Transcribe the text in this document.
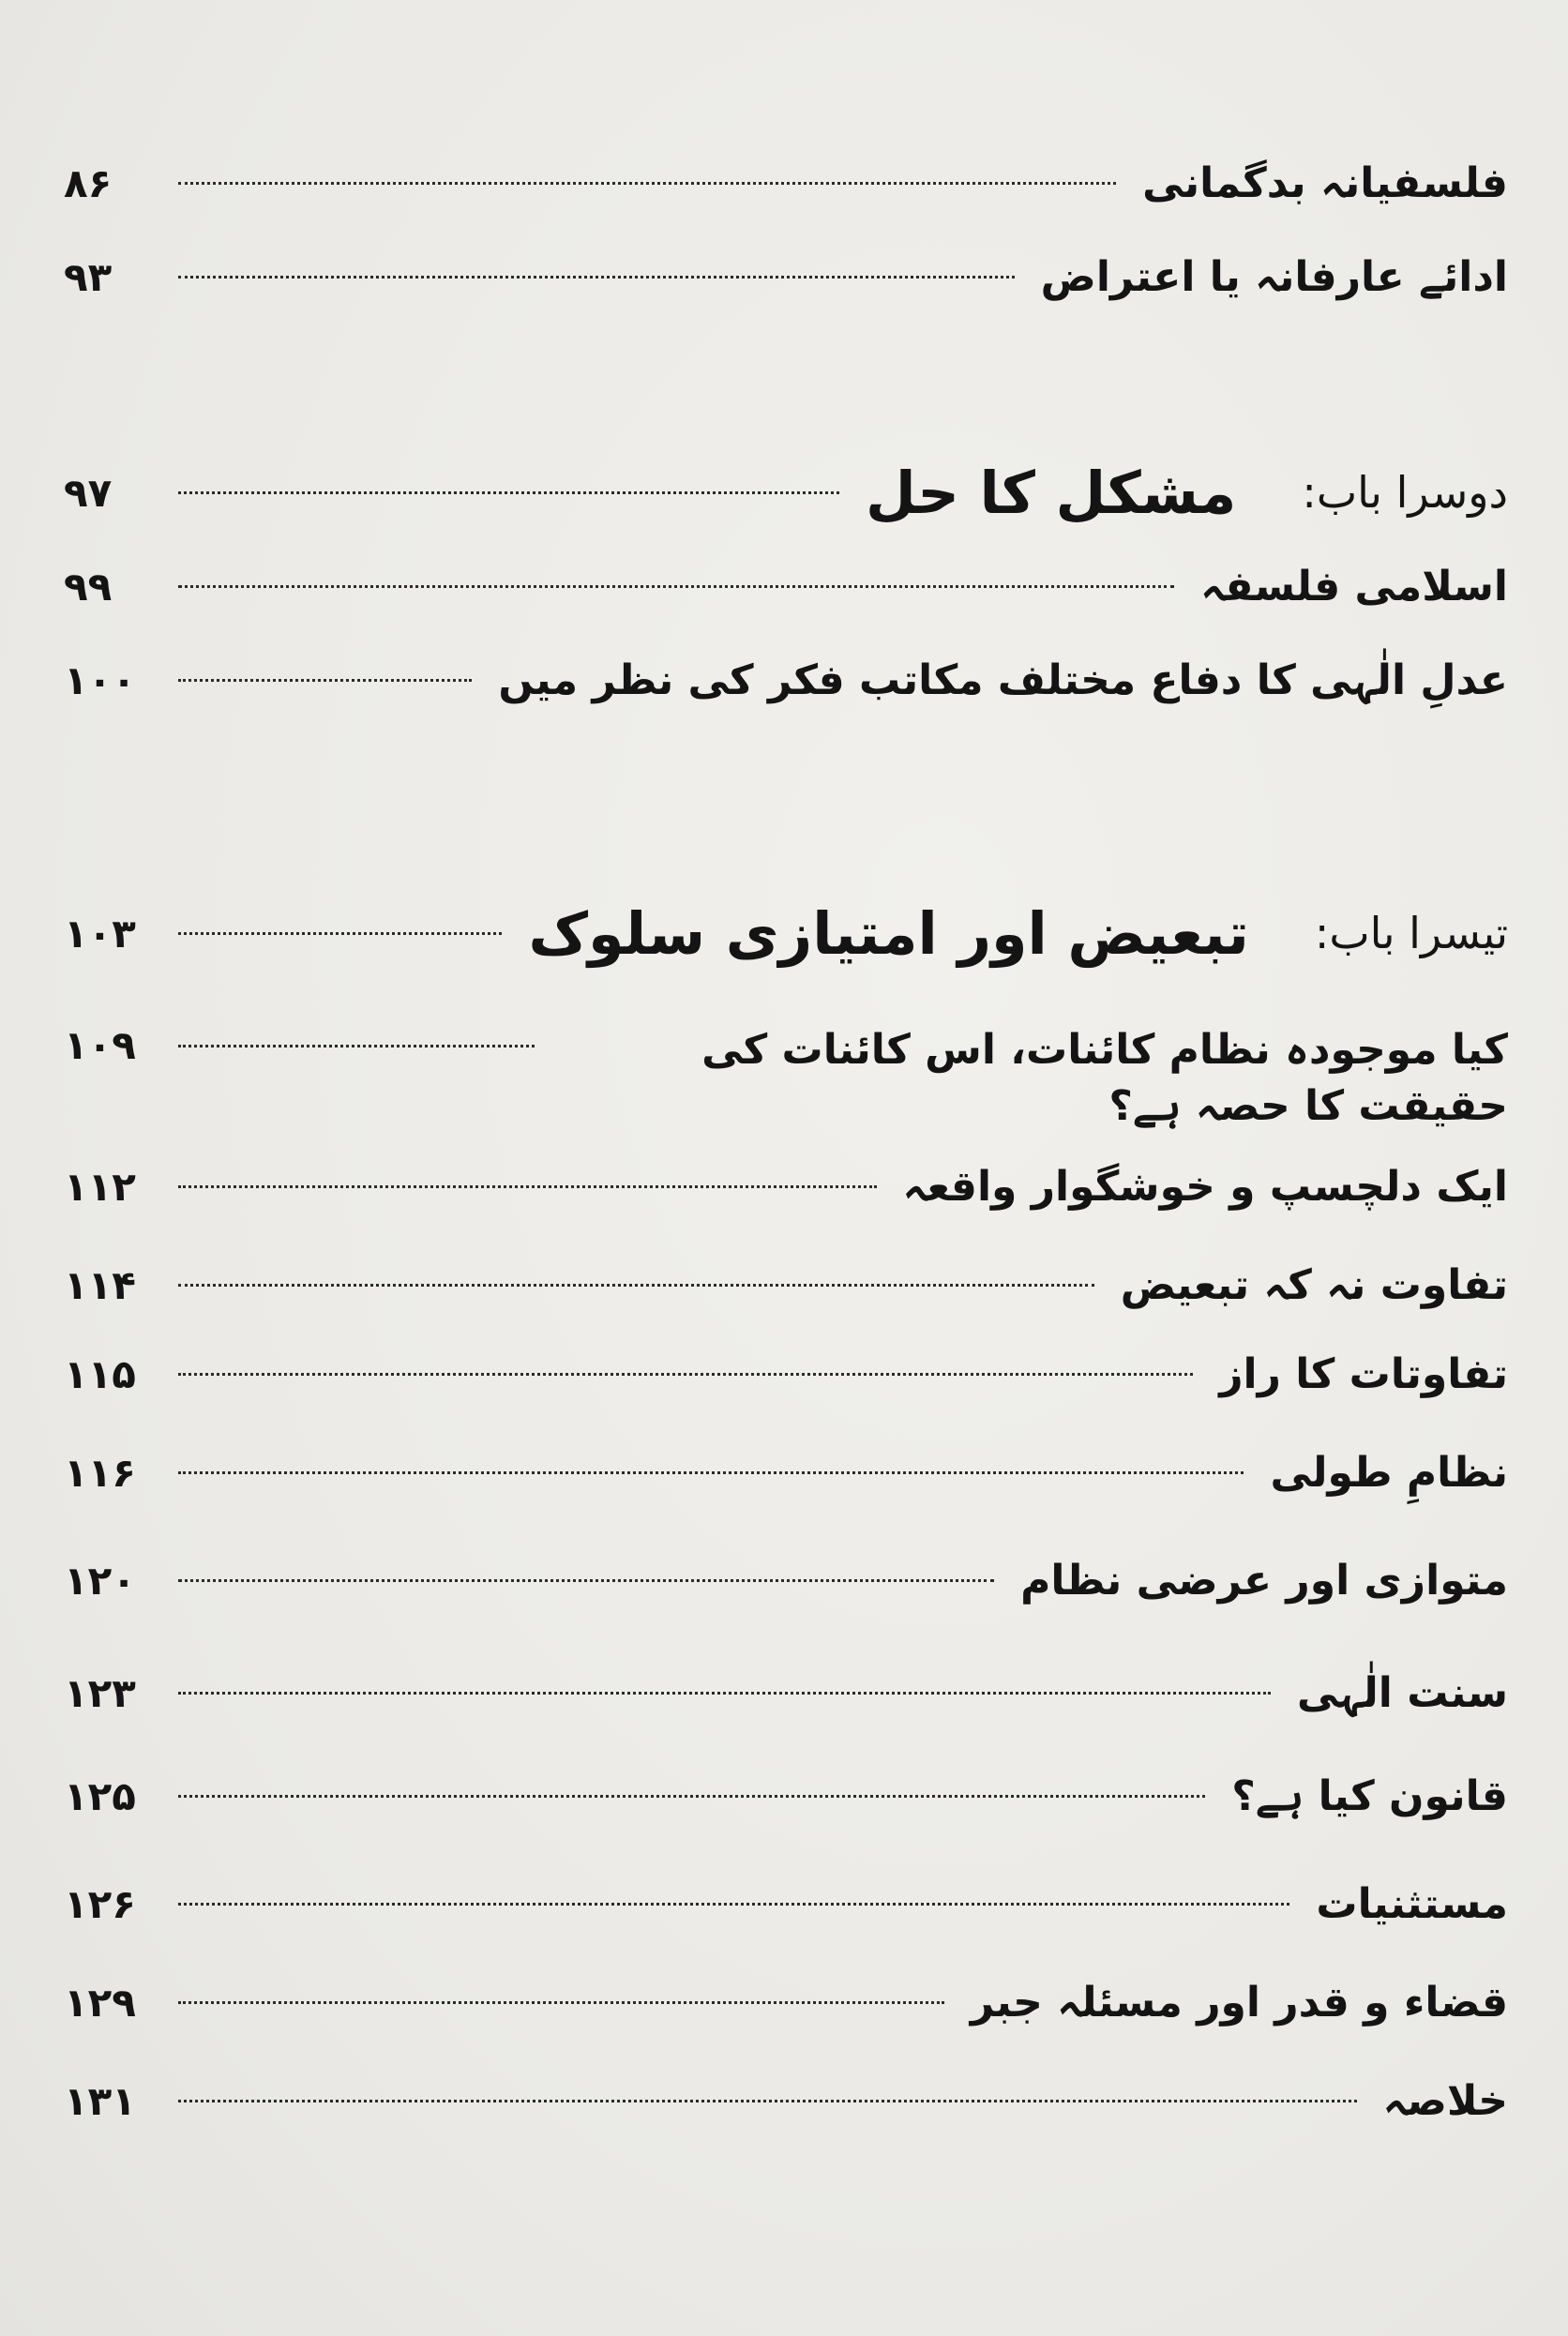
فلسفیانہ بدگمانی
۸۶
ادائے عارفانہ یا اعتراض
۹۳
دوسرا باب:
مشکل کا حل
۹۷
اسلامی فلسفہ
۹۹
عدلِ الٰہی کا دفاع مختلف مکاتب فکر کی نظر میں
۱۰۰
تیسرا باب:
تبعیض اور امتیازی سلوک
۱۰۳
کیا موجودہ نظام کائنات، اس کائنات کی حقیقت کا حصہ ہے؟
۱۰۹
ایک دلچسپ و خوشگوار واقعہ
۱۱۲
تفاوت نہ کہ تبعیض
۱۱۴
تفاوتات کا راز
۱۱۵
نظامِ طولی
۱۱۶
متوازی اور عرضی نظام
۱۲۰
سنت الٰہی
۱۲۳
قانون کیا ہے؟
۱۲۵
مستثنیات
۱۲۶
قضاء و قدر اور مسئلہ جبر
۱۲۹
خلاصہ
۱۳۱
